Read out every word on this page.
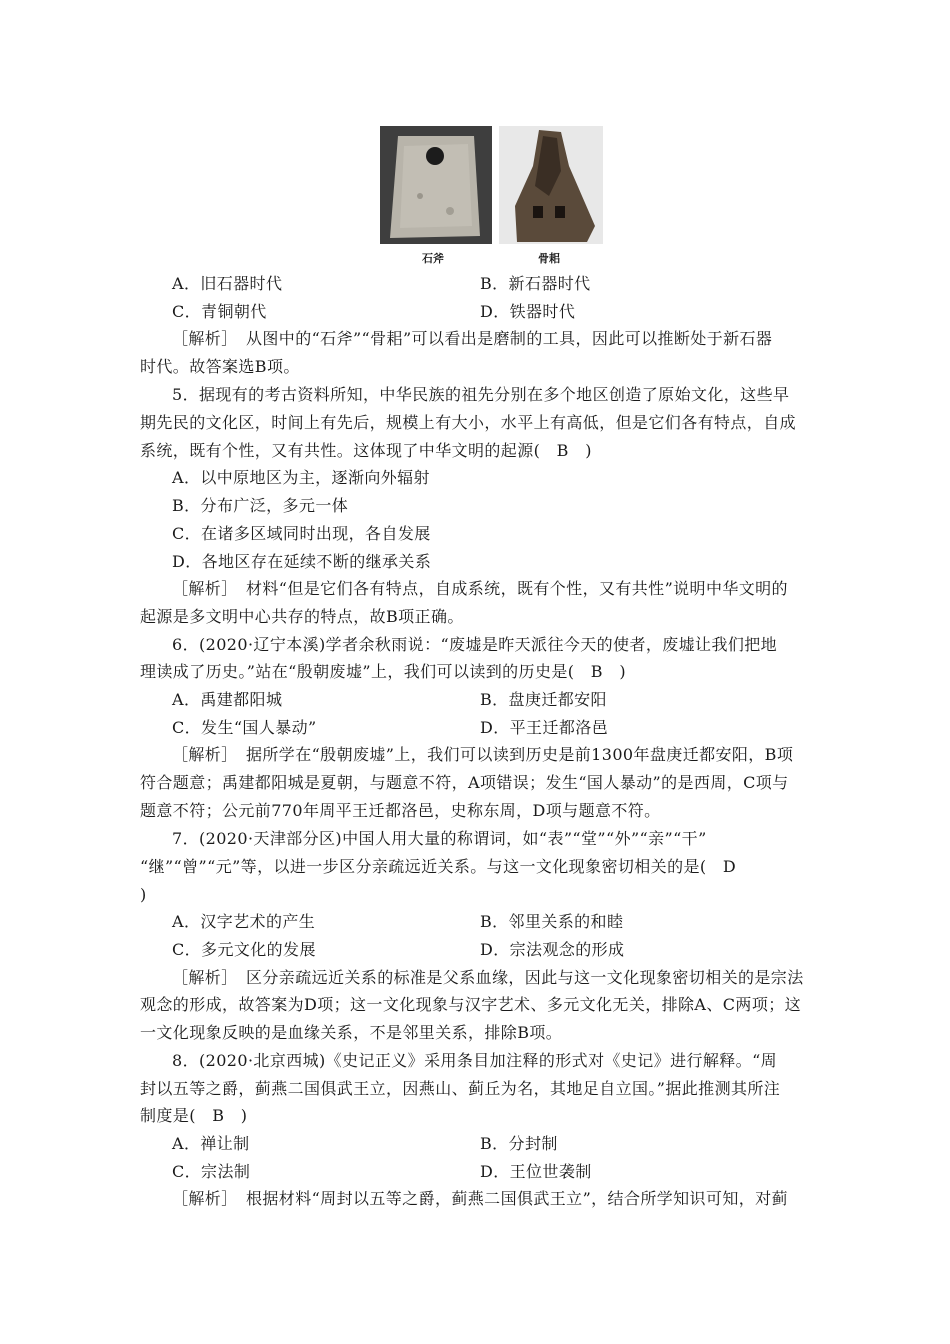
石斧	骨耜
A．旧石器时代	B．新石器时代
C．青铜朝代	D．铁器时代
［解析］　从图中的“石斧”“骨耜”可以看出是磨制的工具，因此可以推断处于新石器
时代。故答案选B项。
5．据现有的考古资料所知，中华民族的祖先分别在多个地区创造了原始文化，这些早
期先民的文化区，时间上有先后，规模上有大小，水平上有高低，但是它们各有特点，自成
系统，既有个性，又有共性。这体现了中华文明的起源(　B　)
A．以中原地区为主，逐渐向外辐射
B．分布广泛，多元一体
C．在诸多区域同时出现，各自发展
D．各地区存在延续不断的继承关系
［解析］　材料“但是它们各有特点，自成系统，既有个性，又有共性”说明中华文明的
起源是多文明中心共存的特点，故B项正确。
6．(2020·辽宁本溪)学者余秋雨说：“废墟是昨天派往今天的使者，废墟让我们把地
理读成了历史。”站在“殷朝废墟”上，我们可以读到的历史是(　B　)
A．禹建都阳城	B．盘庚迁都安阳
C．发生“国人暴动”	D．平王迁都洛邑
［解析］　据所学在“殷朝废墟”上，我们可以读到历史是前1300年盘庚迁都安阳，B项
符合题意；禹建都阳城是夏朝，与题意不符，A项错误；发生“国人暴动”的是西周，C项与
题意不符；公元前770年周平王迁都洛邑，史称东周，D项与题意不符。
7．(2020·天津部分区)中国人用大量的称谓词，如“表”“堂”“外”“亲”“干”
“继”“曾”“元”等，以进一步区分亲疏远近关系。与这一文化现象密切相关的是(　D
)
A．汉字艺术的产生	B．邻里关系的和睦
C．多元文化的发展	D．宗法观念的形成
［解析］　区分亲疏远近关系的标准是父系血缘，因此与这一文化现象密切相关的是宗法
观念的形成，故答案为D项；这一文化现象与汉字艺术、多元文化无关，排除A、C两项；这
一文化现象反映的是血缘关系，不是邻里关系，排除B项。
8．(2020·北京西城)《史记正义》采用条目加注释的形式对《史记》进行解释。“周
封以五等之爵，蓟燕二国俱武王立，因燕山、蓟丘为名，其地足自立国。”据此推测其所注
制度是(　B　)
A．禅让制	B．分封制
C．宗法制	D．王位世袭制
［解析］　根据材料“周封以五等之爵，蓟燕二国俱武王立”，结合所学知识可知，对蓟
